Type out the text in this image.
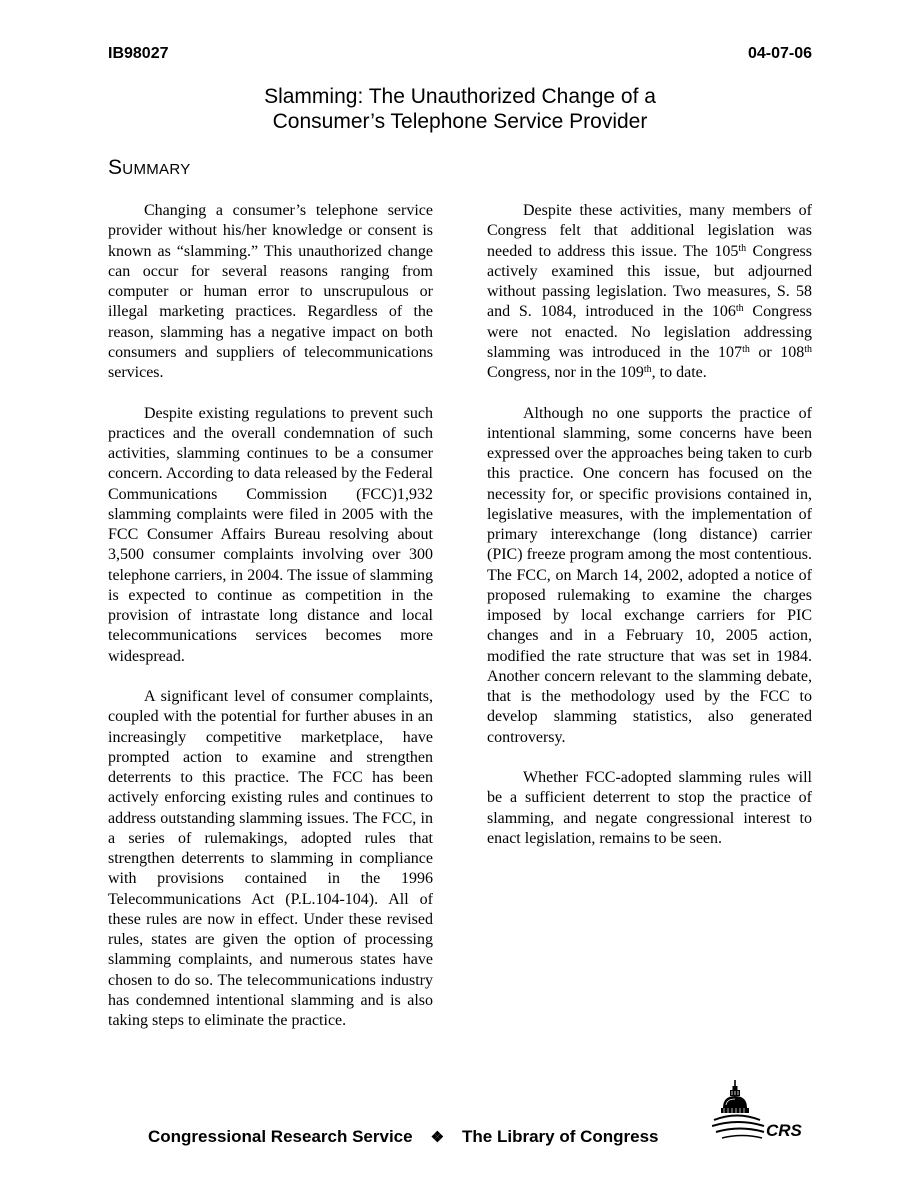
IB98027	04-07-06
Slamming: The Unauthorized Change of a
Consumer’s Telephone Service Provider
Summary

Changing a consumer’s telephone service provider without his/her knowledge or consent is known as “slamming.” This unauthorized change can occur for several reasons ranging from computer or human error to unscrupulous or illegal marketing practices. Regardless of the reason, slamming has a negative impact on both consumers and suppliers of telecommunications services.

Despite existing regulations to prevent such practices and the overall condemnation of such activities, slamming continues to be a consumer concern. According to data released by the Federal Communications Commission (FCC)1,932 slamming complaints were filed in 2005 with the FCC Consumer Affairs Bureau resolving about 3,500 consumer complaints involving over 300 telephone carriers, in 2004. The issue of slamming is expected to continue as competition in the provision of intrastate long distance and local telecommunications services becomes more widespread.

A significant level of consumer complaints, coupled with the potential for further abuses in an increasingly competitive marketplace, have prompted action to examine and strengthen deterrents to this practice. The FCC has been actively enforcing existing rules and continues to address outstanding slamming issues. The FCC, in a series of rulemakings, adopted rules that strengthen deterrents to slamming in compliance with provisions contained in the 1996 Telecommunications Act (P.L.104-104). All of these rules are now in effect. Under these revised rules, states are given the option of processing slamming complaints, and numerous states have chosen to do so. The telecommunications industry has condemned intentional slamming and is also taking steps to eliminate the practice.

Despite these activities, many members of Congress felt that additional legislation was needed to address this issue. The 105th Congress actively examined this issue, but adjourned without passing legislation. Two measures, S. 58 and S. 1084, introduced in the 106th Congress were not enacted. No legislation addressing slamming was introduced in the 107th or 108th Congress, nor in the 109th, to date.

Although no one supports the practice of intentional slamming, some concerns have been expressed over the approaches being taken to curb this practice. One concern has focused on the necessity for, or specific provisions contained in, legislative measures, with the implementation of primary interexchange (long distance) carrier (PIC) freeze program among the most contentious. The FCC, on March 14, 2002, adopted a notice of proposed rulemaking to examine the charges imposed by local exchange carriers for PIC changes and in a February 10, 2005 action, modified the rate structure that was set in 1984. Another concern relevant to the slamming debate, that is the methodology used by the FCC to develop slamming statistics, also generated controversy.

Whether FCC-adopted slamming rules will be a sufficient deterrent to stop the practice of slamming, and negate congressional interest to enact legislation, remains to be seen.

Congressional Research Service ❖ The Library of Congress	CRS
